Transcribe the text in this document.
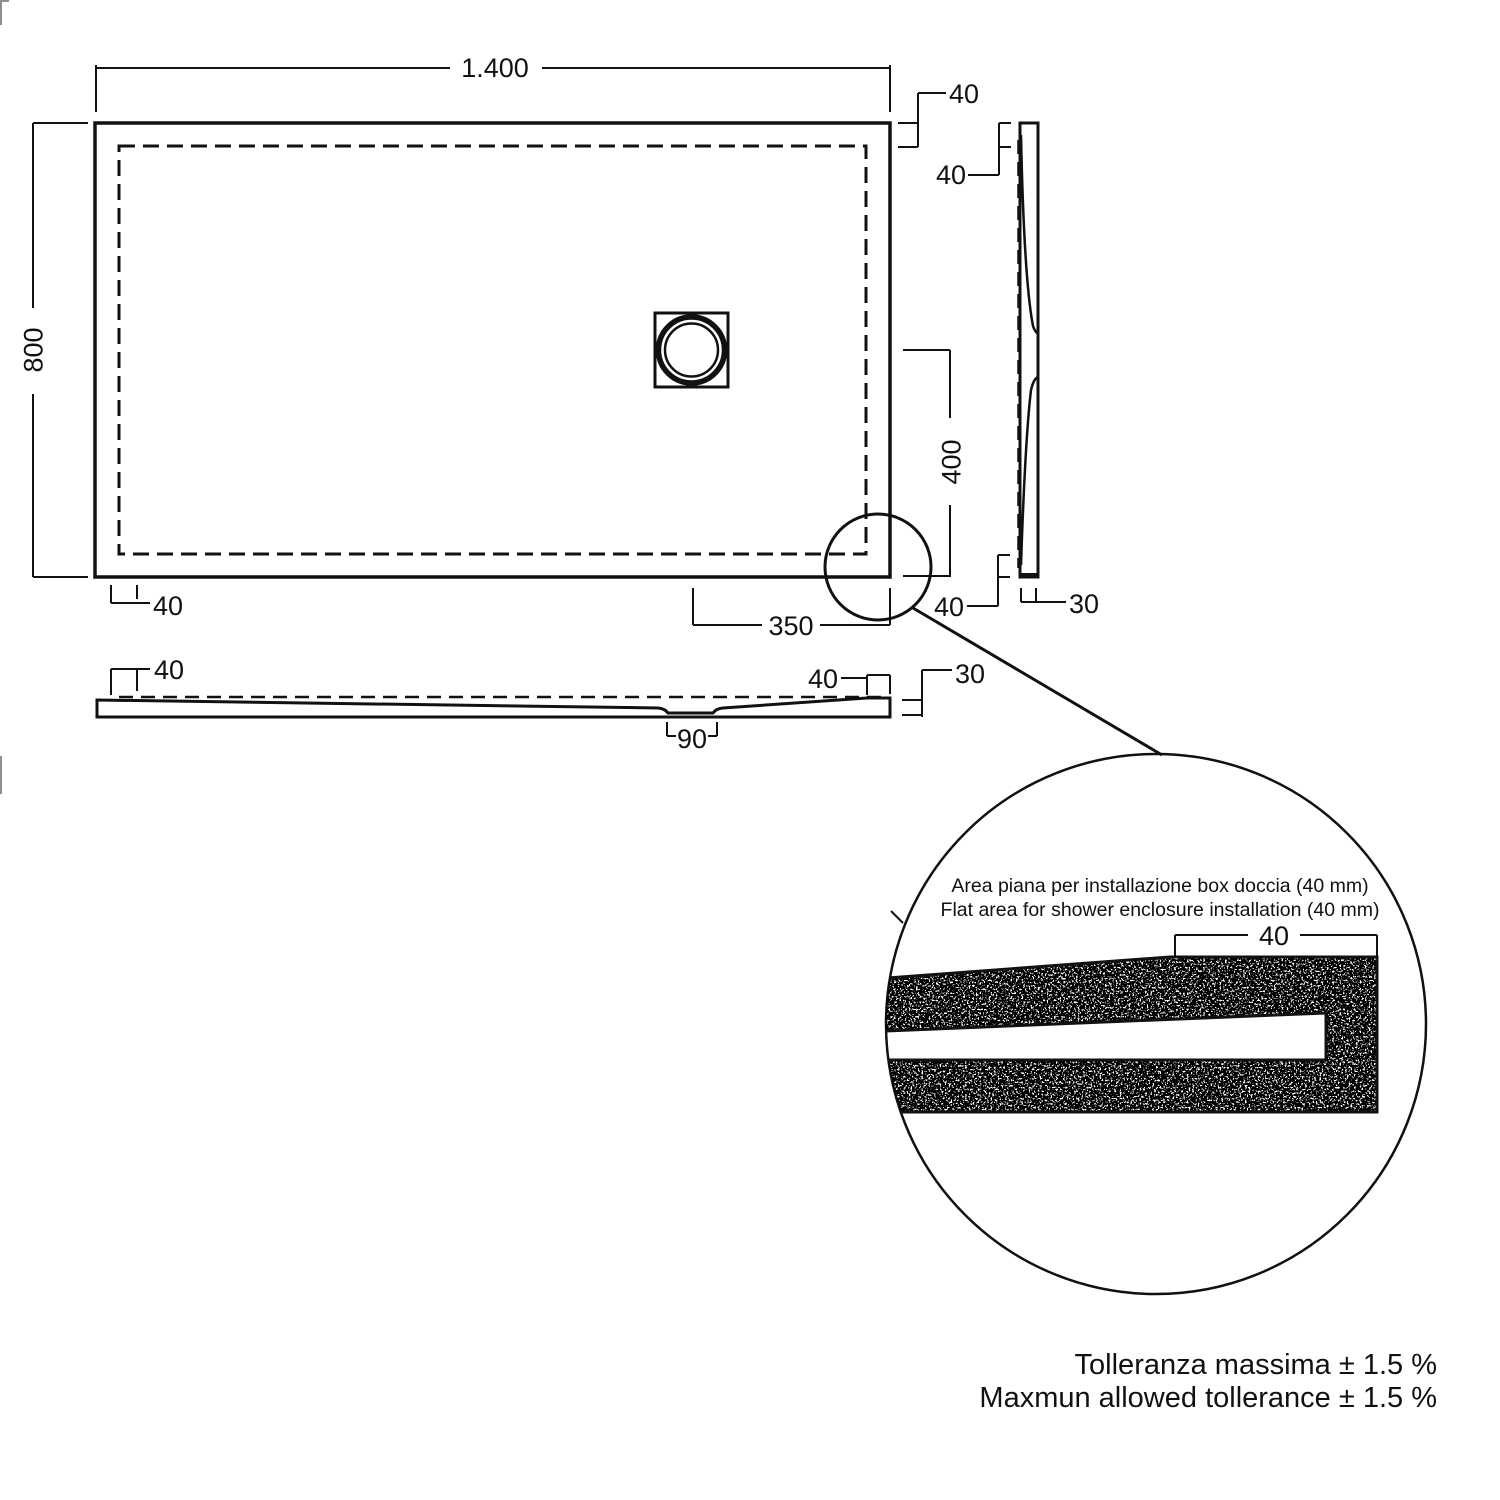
1.400
800
40
40
400
40
350
40	30
40	40	30
90
Area piana per installazione box doccia (40 mm)
Flat area for shower enclosure installation (40 mm)
40
Tolleranza massima ± 1.5 %
Maxmun allowed tollerance ± 1.5 %
